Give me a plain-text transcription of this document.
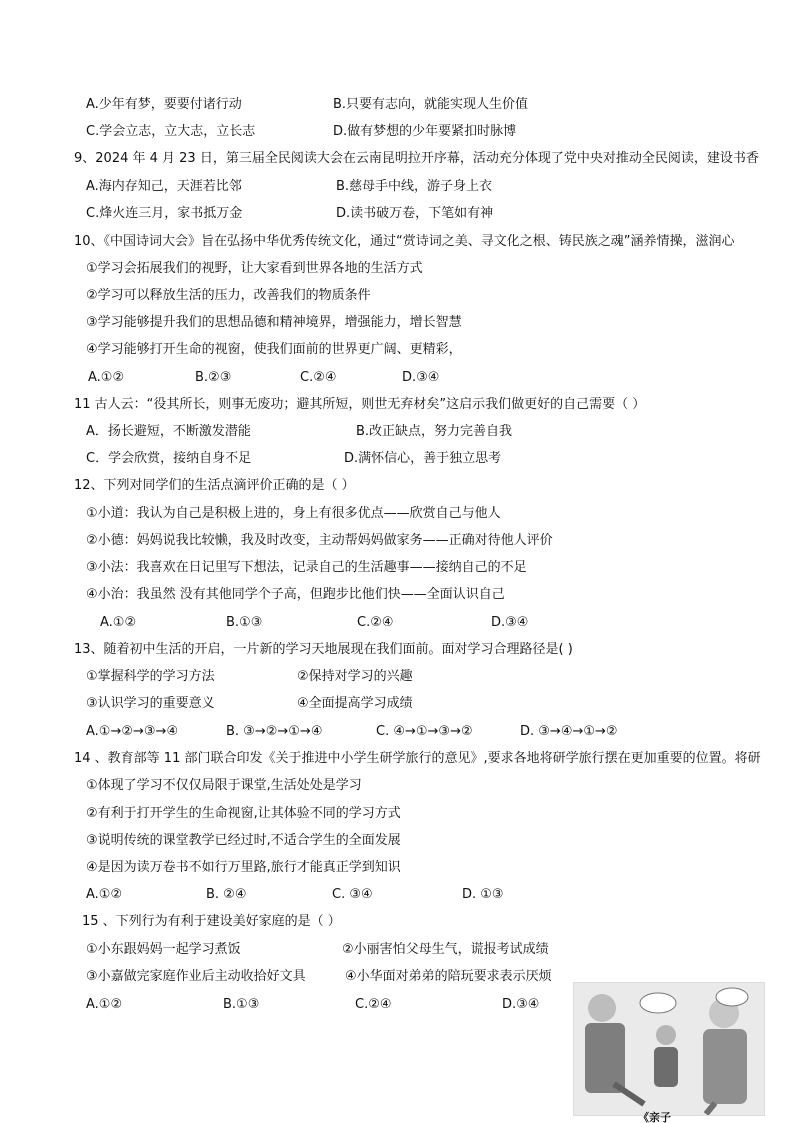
A.少年有梦，要要付诸行动	B.只要有志向，就能实现人生价值
C.学会立志，立大志，立长志	D.做有梦想的少年要紧扣时脉博
9、2024 年 4 月 23 日，第三届全民阅读大会在云南昆明拉开序幕，活动充分体现了党中央对推动全民阅读，建设书香
A.海内存知己，天涯若比邻	B.慈母手中线，游子身上衣
C.烽火连三月，家书抵万金	D.读书破万卷，下笔如有神
10、《中国诗词大会》旨在弘扬中华优秀传统文化，通过“赏诗词之美、寻文化之根、铸民族之魂”涵养情操，滋润心
①学习会拓展我们的视野，让大家看到世界各地的生活方式
②学习可以释放生活的压力，改善我们的物质条件
③学习能够提升我们的思想品德和精神境界，增强能力，增长智慧
④学习能够打开生命的视窗，使我们面前的世界更广阔、更精彩，
A.①②	B.②③	C.②④	D.③④
11 古人云：“役其所长，则事无废功；避其所短，则世无弃材矣”这启示我们做更好的自己需要（ ）
A．扬长避短，不断激发潜能	B.改正缺点，努力完善自我
C．学会欣赏，接纳自身不足	D.满怀信心，善于独立思考
12、下列对同学们的生活点滴评价正确的是（ ）
①小道：我认为自己是积极上进的，身上有很多优点——欣赏自己与他人
②小德：妈妈说我比较懒，我及时改变，主动帮妈妈做家务——正确对待他人评价
③小法：我喜欢在日记里写下想法，记录自己的生活趣事——接纳自己的不足
④小治：我虽然 没有其他同学个子高，但跑步比他们快——全面认识自己
A.①②	B.①③	C.②④	D.③④
13、随着初中生活的开启，一片新的学习天地展现在我们面前。面对学习合理路径是( )
①掌握科学的学习方法	②保持对学习的兴趣
③认识学习的重要意义	④全面提高学习成绩
A.①→②→③→④	B. ③→②→①→④	C. ④→①→③→②	D. ③→④→①→②
14 、教育部等 11 部门联合印发《关于推进中小学生研学旅行的意见》,要求各地将研学旅行摆在更加重要的位置。将研
①体现了学习不仅仅局限于课堂,生活处处是学习
②有利于打开学生的生命视窗,让其体验不同的学习方式
③说明传统的课堂教学已经过时,不适合学生的全面发展
④是因为读万卷书不如行万里路,旅行才能真正学到知识
A.①②	B. ②④	C. ③④	D. ①③
15 、下列行为有利于建设美好家庭的是（ ）
①小东跟妈妈一起学习煮饭	②小丽害怕父母生气，谎报考试成绩
③小嘉做完家庭作业后主动收拾好文具	④小华面对弟弟的陪玩要求表示厌烦
A.①②	B.①③	C.②④	D.③④
《亲子
